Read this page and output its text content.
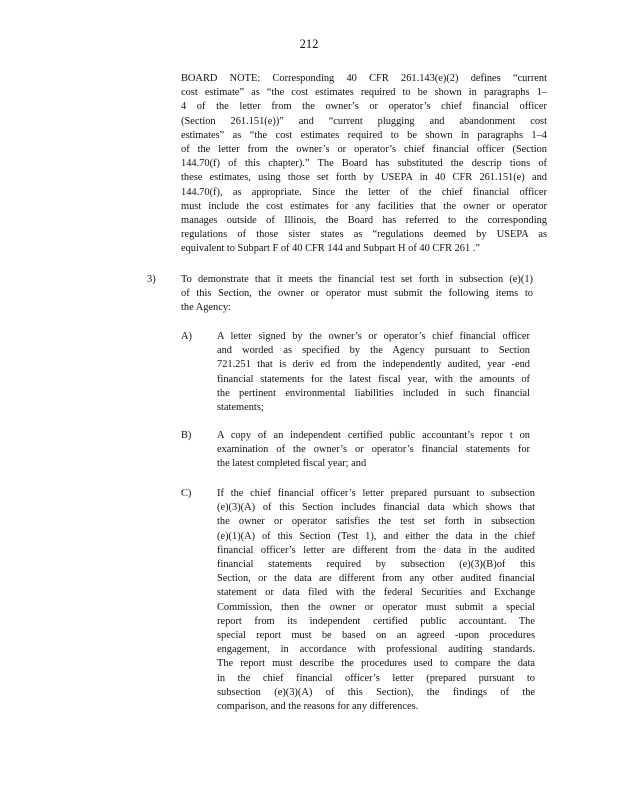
212
BOARD NOTE: Corresponding 40 CFR 261.143(e)(2) defines “current
cost estimate” as “the cost estimates required to be shown in paragraphs 1–
4 of the letter from the owner’s or operator’s chief financial officer
(Section 261.151(e))” and “current plugging and abandonment cost
estimates” as “the cost estimates required to be shown in paragraphs 1–4
of the letter from the owner’s or operator’s chief financial officer (Section
144.70(f) of this chapter).” The Board has substituted the descrip tions of
these estimates, using those set forth by USEPA in 40 CFR 261.151(e) and
144.70(f), as appropriate. Since the letter of the chief financial officer
must include the cost estimates for any facilities that the owner or operator
manages outside of Illinois, the Board has referred to the corresponding
regulations of those sister states as “regulations deemed by USEPA as
equivalent to Subpart F of 40 CFR 144 and Subpart H of 40 CFR 261 .”
3) To demonstrate that it meets the financial test set forth in subsection (e)(1)
of this Section, the owner or operator must submit the following items to
the Agency:
A) A letter signed by the owner’s or operator’s chief financial officer
and worded as specified by the Agency pursuant to Section
721.251 that is deriv ed from the independently audited, year -end
financial statements for the latest fiscal year, with the amounts of
the pertinent environmental liabilities included in such financial
statements;
B) A copy of an independent certified public accountant’s repor t on
examination of the owner’s or operator’s financial statements for
the latest completed fiscal year; and
C) If the chief financial officer’s letter prepared pursuant to subsection
(e)(3)(A) of this Section includes financial data which shows that
the owner or operator satisfies the test set forth in subsection
(e)(1)(A) of this Section (Test 1), and either the data in the chief
financial officer’s letter are different from the data in the audited
financial statements required by subsection (e)(3)(B)of this
Section, or the data are different from any other audited financial
statement or data filed with the federal Securities and Exchange
Commission, then the owner or operator must submit a special
report from its independent certified public accountant. The
special report must be based on an agreed -upon procedures
engagement, in accordance with professional auditing standards.
The report must describe the procedures used to compare the data
in the chief financial officer’s letter (prepared pursuant to
subsection (e)(3)(A) of this Section), the findings of the
comparison, and the reasons for any differences.
